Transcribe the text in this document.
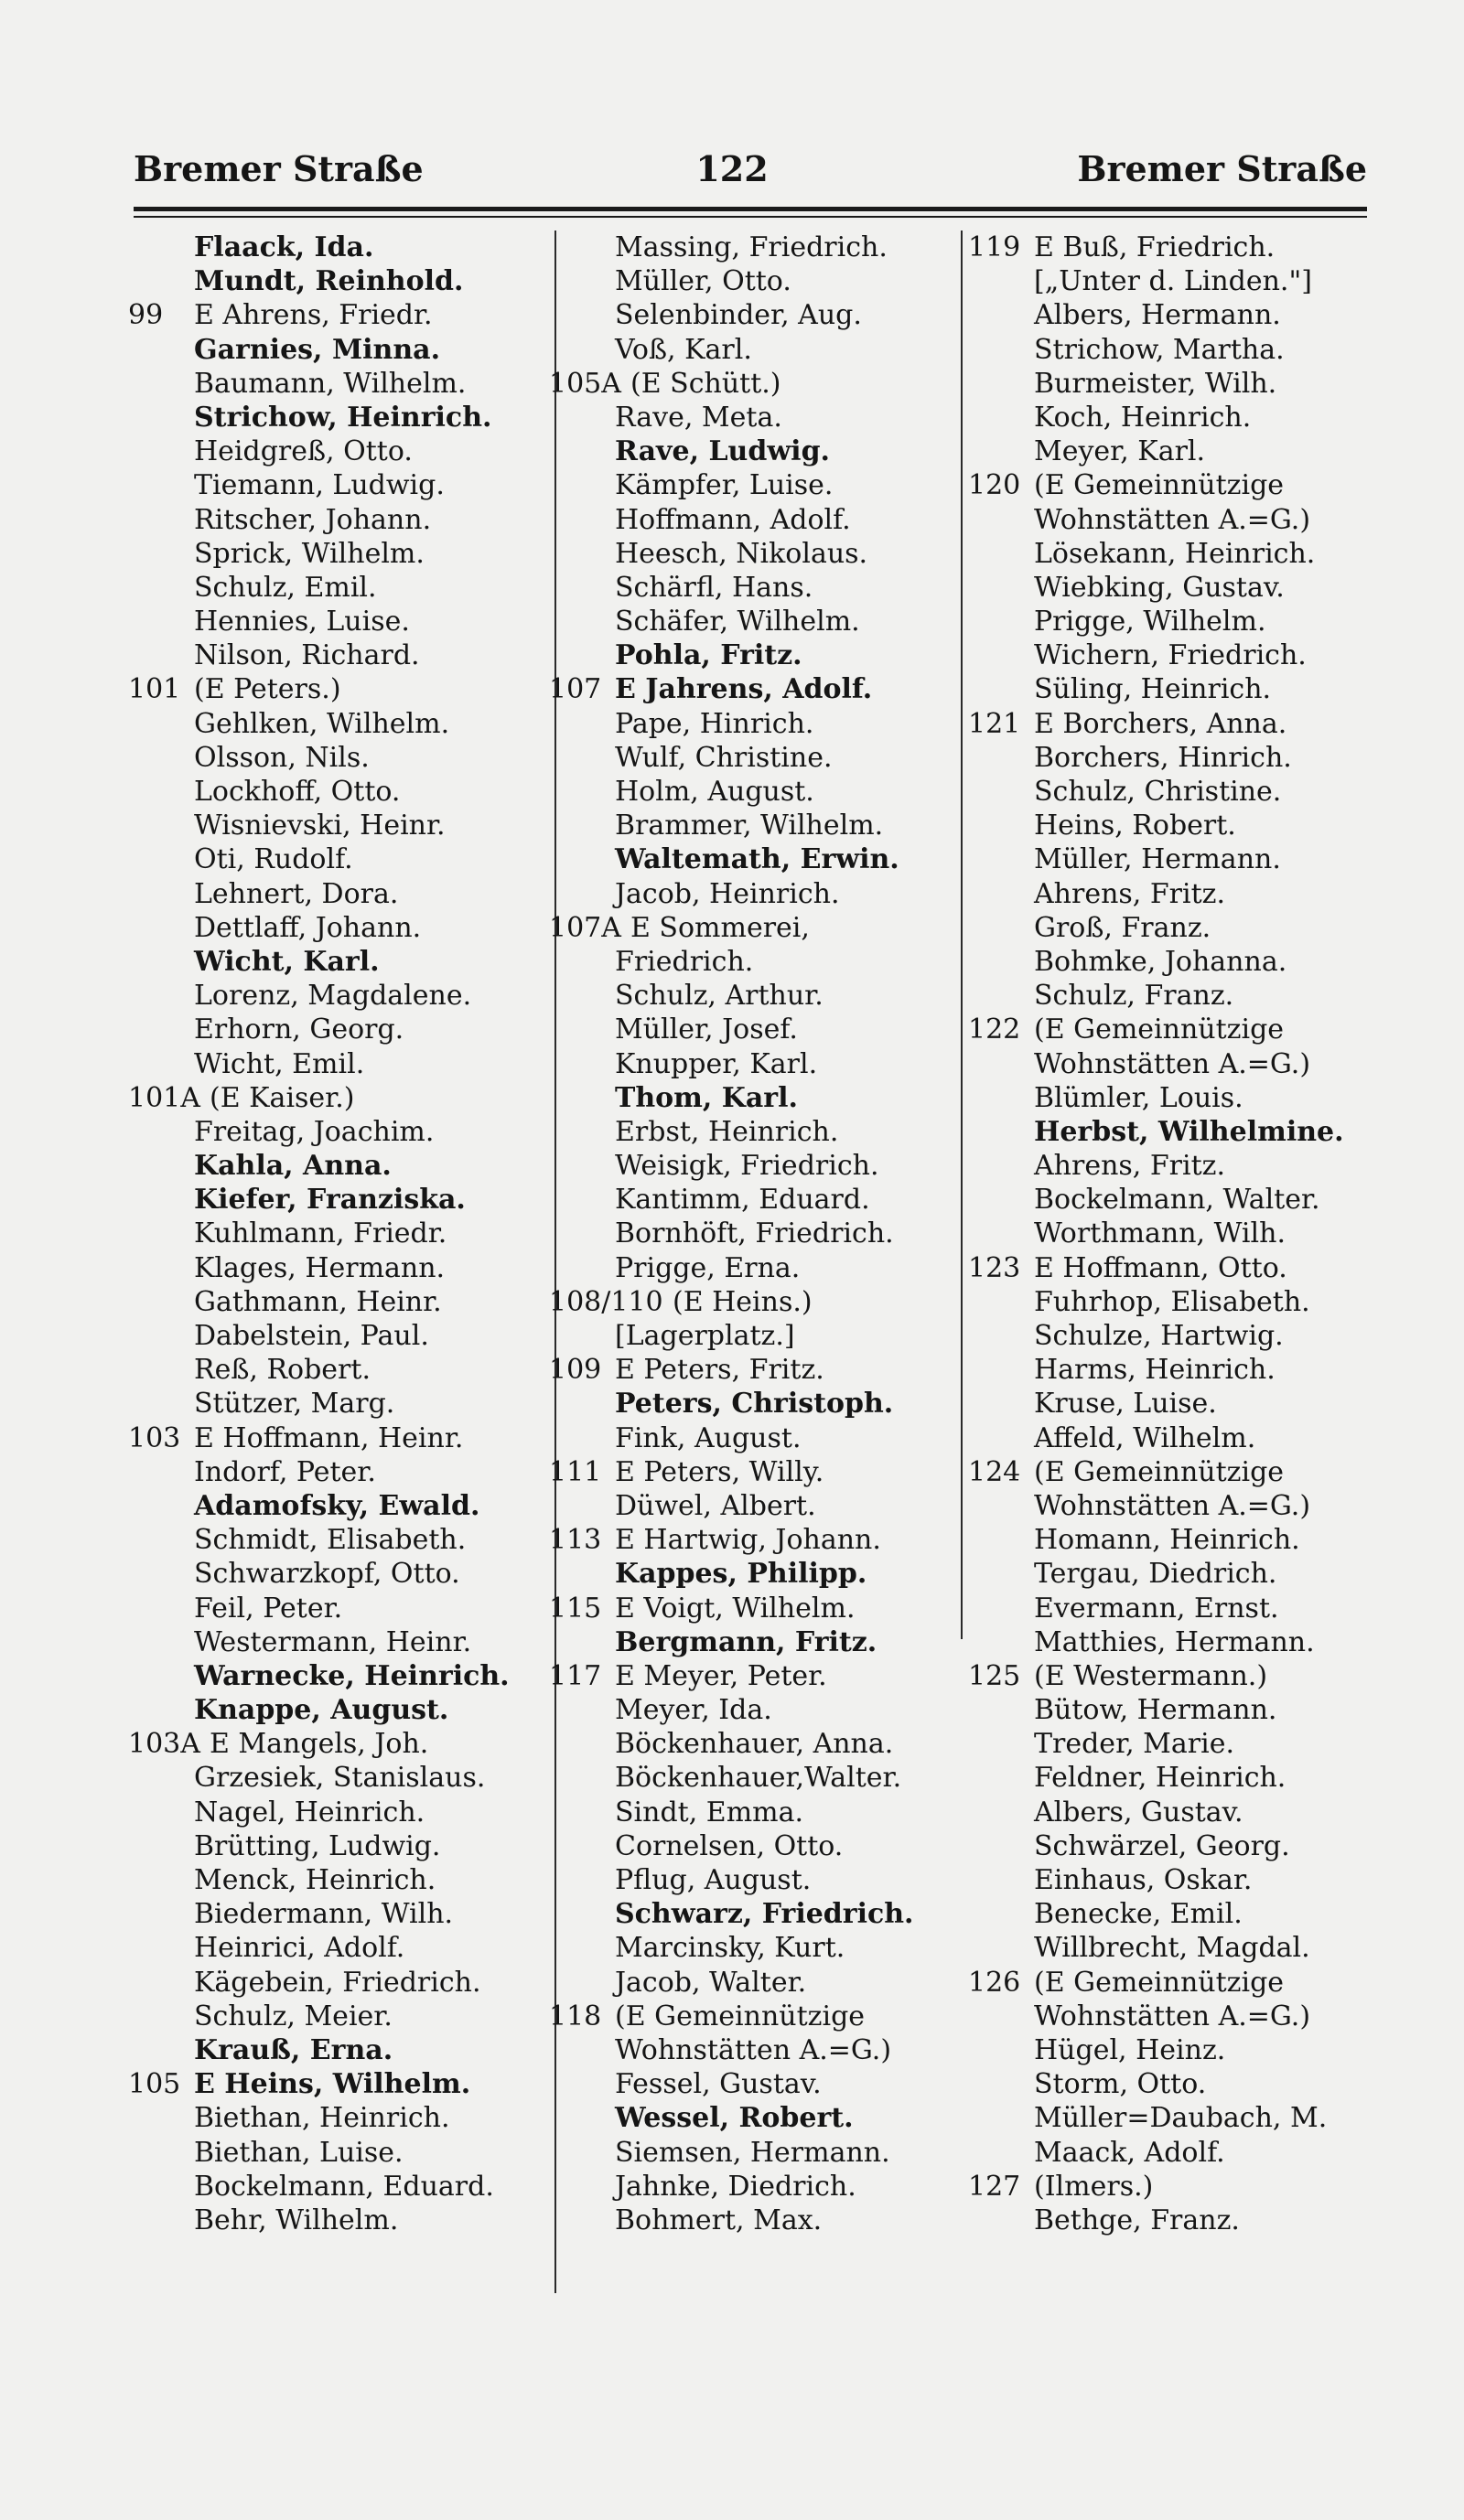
Bremer Straße	122	Bremer Straße
Flaack, Ida.
Mundt, Reinhold.
99 E Ahrens, Friedr.
Garnies, Minna.
Baumann, Wilhelm.
Strichow, Heinrich.
Heidgreß, Otto.
Tiemann, Ludwig.
Ritscher, Johann.
Sprick, Wilhelm.
Schulz, Emil.
Hennies, Luise.
Nilson, Richard.
101 (E Peters.)
Gehlken, Wilhelm.
Olsson, Nils.
Lockhoff, Otto.
Wisnievski, Heinr.
Oti, Rudolf.
Lehnert, Dora.
Dettlaff, Johann.
Wicht, Karl.
Lorenz, Magdalene.
Erhorn, Georg.
Wicht, Emil.
101A (E Kaiser.)
Freitag, Joachim.
Kahla, Anna.
Kiefer, Franziska.
Kuhlmann, Friedr.
Klages, Hermann.
Gathmann, Heinr.
Dabelstein, Paul.
Reß, Robert.
Stützer, Marg.
103 E Hoffmann, Heinr.
Indorf, Peter.
Adamofsky, Ewald.
Schmidt, Elisabeth.
Schwarzkopf, Otto.
Feil, Peter.
Westermann, Heinr.
Warnecke, Heinrich.
Knappe, August.
103A E Mangels, Joh.
Grzesiek, Stanislaus.
Nagel, Heinrich.
Brütting, Ludwig.
Menck, Heinrich.
Biedermann, Wilh.
Heinrici, Adolf.
Kägebein, Friedrich.
Schulz, Meier.
Krauß, Erna.
105 E Heins, Wilhelm.
Biethan, Heinrich.
Biethan, Luise.
Bockelmann, Eduard.
Behr, Wilhelm.
Massing, Friedrich.
Müller, Otto.
Selenbinder, Aug.
Voß, Karl.
105A (E Schütt.)
Rave, Meta.
Rave, Ludwig.
Kämpfer, Luise.
Hoffmann, Adolf.
Heesch, Nikolaus.
Schärfl, Hans.
Schäfer, Wilhelm.
Pohla, Fritz.
107 E Jahrens, Adolf.
Pape, Hinrich.
Wulf, Christine.
Holm, August.
Brammer, Wilhelm.
Waltemath, Erwin.
Jacob, Heinrich.
107A E Sommerei,
Friedrich.
Schulz, Arthur.
Müller, Josef.
Knupper, Karl.
Thom, Karl.
Erbst, Heinrich.
Weisigk, Friedrich.
Kantimm, Eduard.
Bornhöft, Friedrich.
Prigge, Erna.
108/110 (E Heins.)
[Lagerplatz.]
109 E Peters, Fritz.
Peters, Christoph.
Fink, August.
111 E Peters, Willy.
Düwel, Albert.
113 E Hartwig, Johann.
Kappes, Philipp.
115 E Voigt, Wilhelm.
Bergmann, Fritz.
117 E Meyer, Peter.
Meyer, Ida.
Böckenhauer, Anna.
Böckenhauer,Walter.
Sindt, Emma.
Cornelsen, Otto.
Pflug, August.
Schwarz, Friedrich.
Marcinsky, Kurt.
Jacob, Walter.
118 (E Gemeinnützige
Wohnstätten A.=G.)
Fessel, Gustav.
Wessel, Robert.
Siemsen, Hermann.
Jahnke, Diedrich.
Bohmert, Max.
119 E Buß, Friedrich.
[„Unter d. Linden."]
Albers, Hermann.
Strichow, Martha.
Burmeister, Wilh.
Koch, Heinrich.
Meyer, Karl.
120 (E Gemeinnützige
Wohnstätten A.=G.)
Lösekann, Heinrich.
Wiebking, Gustav.
Prigge, Wilhelm.
Wichern, Friedrich.
Süling, Heinrich.
121 E Borchers, Anna.
Borchers, Hinrich.
Schulz, Christine.
Heins, Robert.
Müller, Hermann.
Ahrens, Fritz.
Groß, Franz.
Bohmke, Johanna.
Schulz, Franz.
122 (E Gemeinnützige
Wohnstätten A.=G.)
Blümler, Louis.
Herbst, Wilhelmine.
Ahrens, Fritz.
Bockelmann, Walter.
Worthmann, Wilh.
123 E Hoffmann, Otto.
Fuhrhop, Elisabeth.
Schulze, Hartwig.
Harms, Heinrich.
Kruse, Luise.
Affeld, Wilhelm.
124 (E Gemeinnützige
Wohnstätten A.=G.)
Homann, Heinrich.
Tergau, Diedrich.
Evermann, Ernst.
Matthies, Hermann.
125 (E Westermann.)
Bütow, Hermann.
Treder, Marie.
Feldner, Heinrich.
Albers, Gustav.
Schwärzel, Georg.
Einhaus, Oskar.
Benecke, Emil.
Willbrecht, Magdal.
126 (E Gemeinnützige
Wohnstätten A.=G.)
Hügel, Heinz.
Storm, Otto.
Müller=Daubach, M.
Maack, Adolf.
127 (Ilmers.)
Bethge, Franz.
